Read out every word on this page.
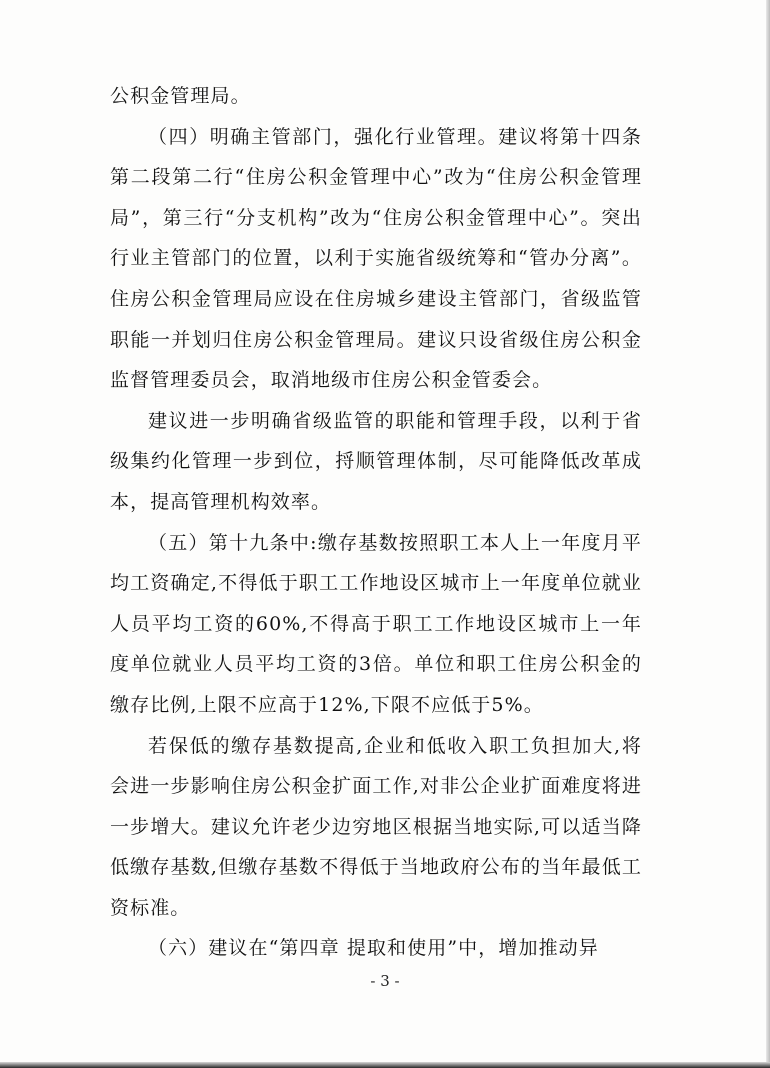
公积金管理局。

（四）明确主管部门，强化行业管理。建议将第十四条第二段第二行“住房公积金管理中心”改为“住房公积金管理局”，第三行“分支机构”改为“住房公积金管理中心”。突出行业主管部门的位置，以利于实施省级统筹和“管办分离”。住房公积金管理局应设在住房城乡建设主管部门，省级监管职能一并划归住房公积金管理局。建议只设省级住房公积金监督管理委员会，取消地级市住房公积金管委会。

建议进一步明确省级监管的职能和管理手段，以利于省级集约化管理一步到位，捋顺管理体制，尽可能降低改革成本，提高管理机构效率。

（五）第十九条中:缴存基数按照职工本人上一年度月平均工资确定,不得低于职工工作地设区城市上一年度单位就业人员平均工资的60%,不得高于职工工作地设区城市上一年度单位就业人员平均工资的3倍。单位和职工住房公积金的缴存比例,上限不应高于12%,下限不应低于5%。

若保低的缴存基数提高,企业和低收入职工负担加大,将会进一步影响住房公积金扩面工作,对非公企业扩面难度将进一步增大。建议允许老少边穷地区根据当地实际,可以适当降低缴存基数,但缴存基数不得低于当地政府公布的当年最低工资标准。

（六）建议在“第四章 提取和使用”中，增加推动异

- 3 -
